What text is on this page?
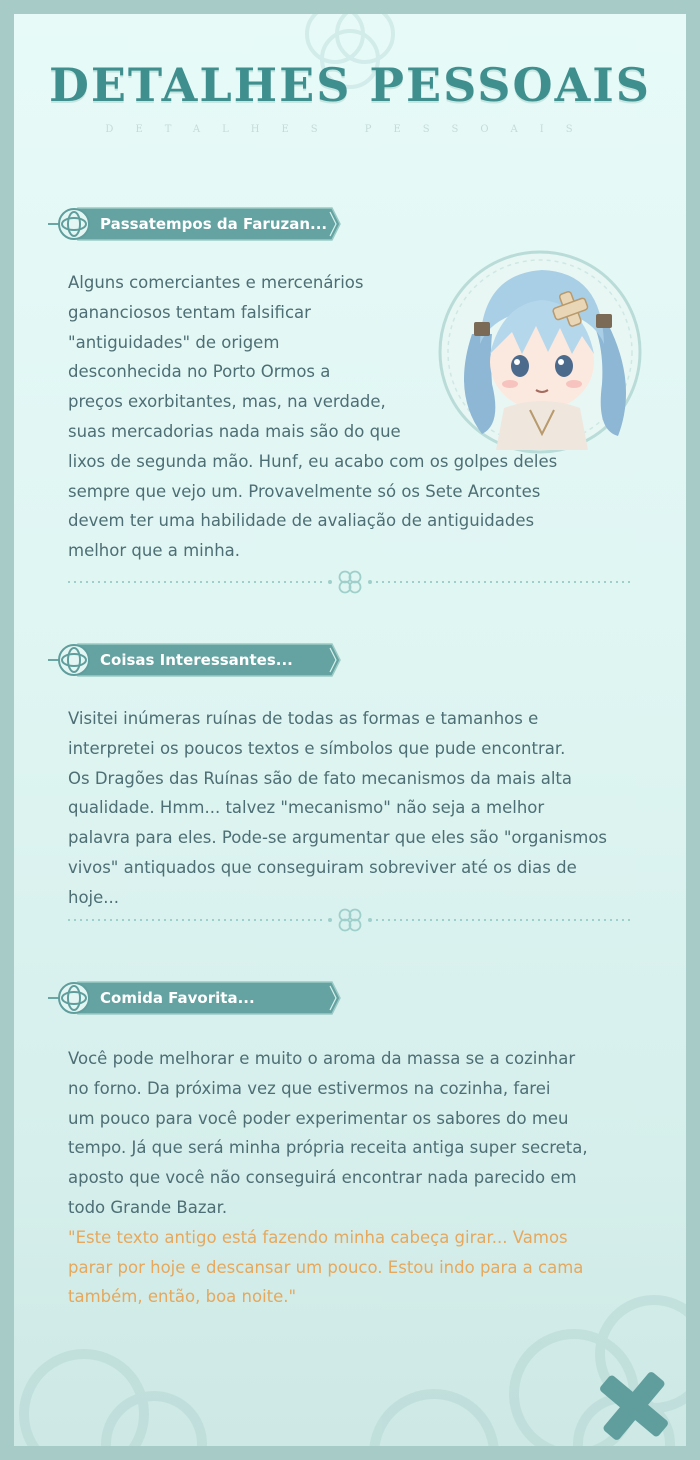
DETALHES PESSOAIS
DETALHES PESSOAIS
Passatempos da Faruzan...
Alguns comerciantes e mercenários
gananciosos tentam falsificar
"antiguidades" de origem
desconhecida no Porto Ormos a
preços exorbitantes, mas, na verdade,
suas mercadorias nada mais são do que
lixos de segunda mão. Hunf, eu acabo com os golpes deles
sempre que vejo um. Provavelmente só os Sete Arcontes
devem ter uma habilidade de avaliação de antiguidades
melhor que a minha.
Coisas Interessantes...
Visitei inúmeras ruínas de todas as formas e tamanhos e
interpretei os poucos textos e símbolos que pude encontrar.
Os Dragões das Ruínas são de fato mecanismos da mais alta
qualidade. Hmm... talvez "mecanismo" não seja a melhor
palavra para eles. Pode-se argumentar que eles são "organismos
vivos" antiquados que conseguiram sobreviver até os dias de
hoje...
Comida Favorita...
Você pode melhorar e muito o aroma da massa se a cozinhar
no forno. Da próxima vez que estivermos na cozinha, farei
um pouco para você poder experimentar os sabores do meu
tempo. Já que será minha própria receita antiga super secreta,
aposto que você não conseguirá encontrar nada parecido em
todo Grande Bazar.
"Este texto antigo está fazendo minha cabeça girar... Vamos
parar por hoje e descansar um pouco. Estou indo para a cama
também, então, boa noite."
